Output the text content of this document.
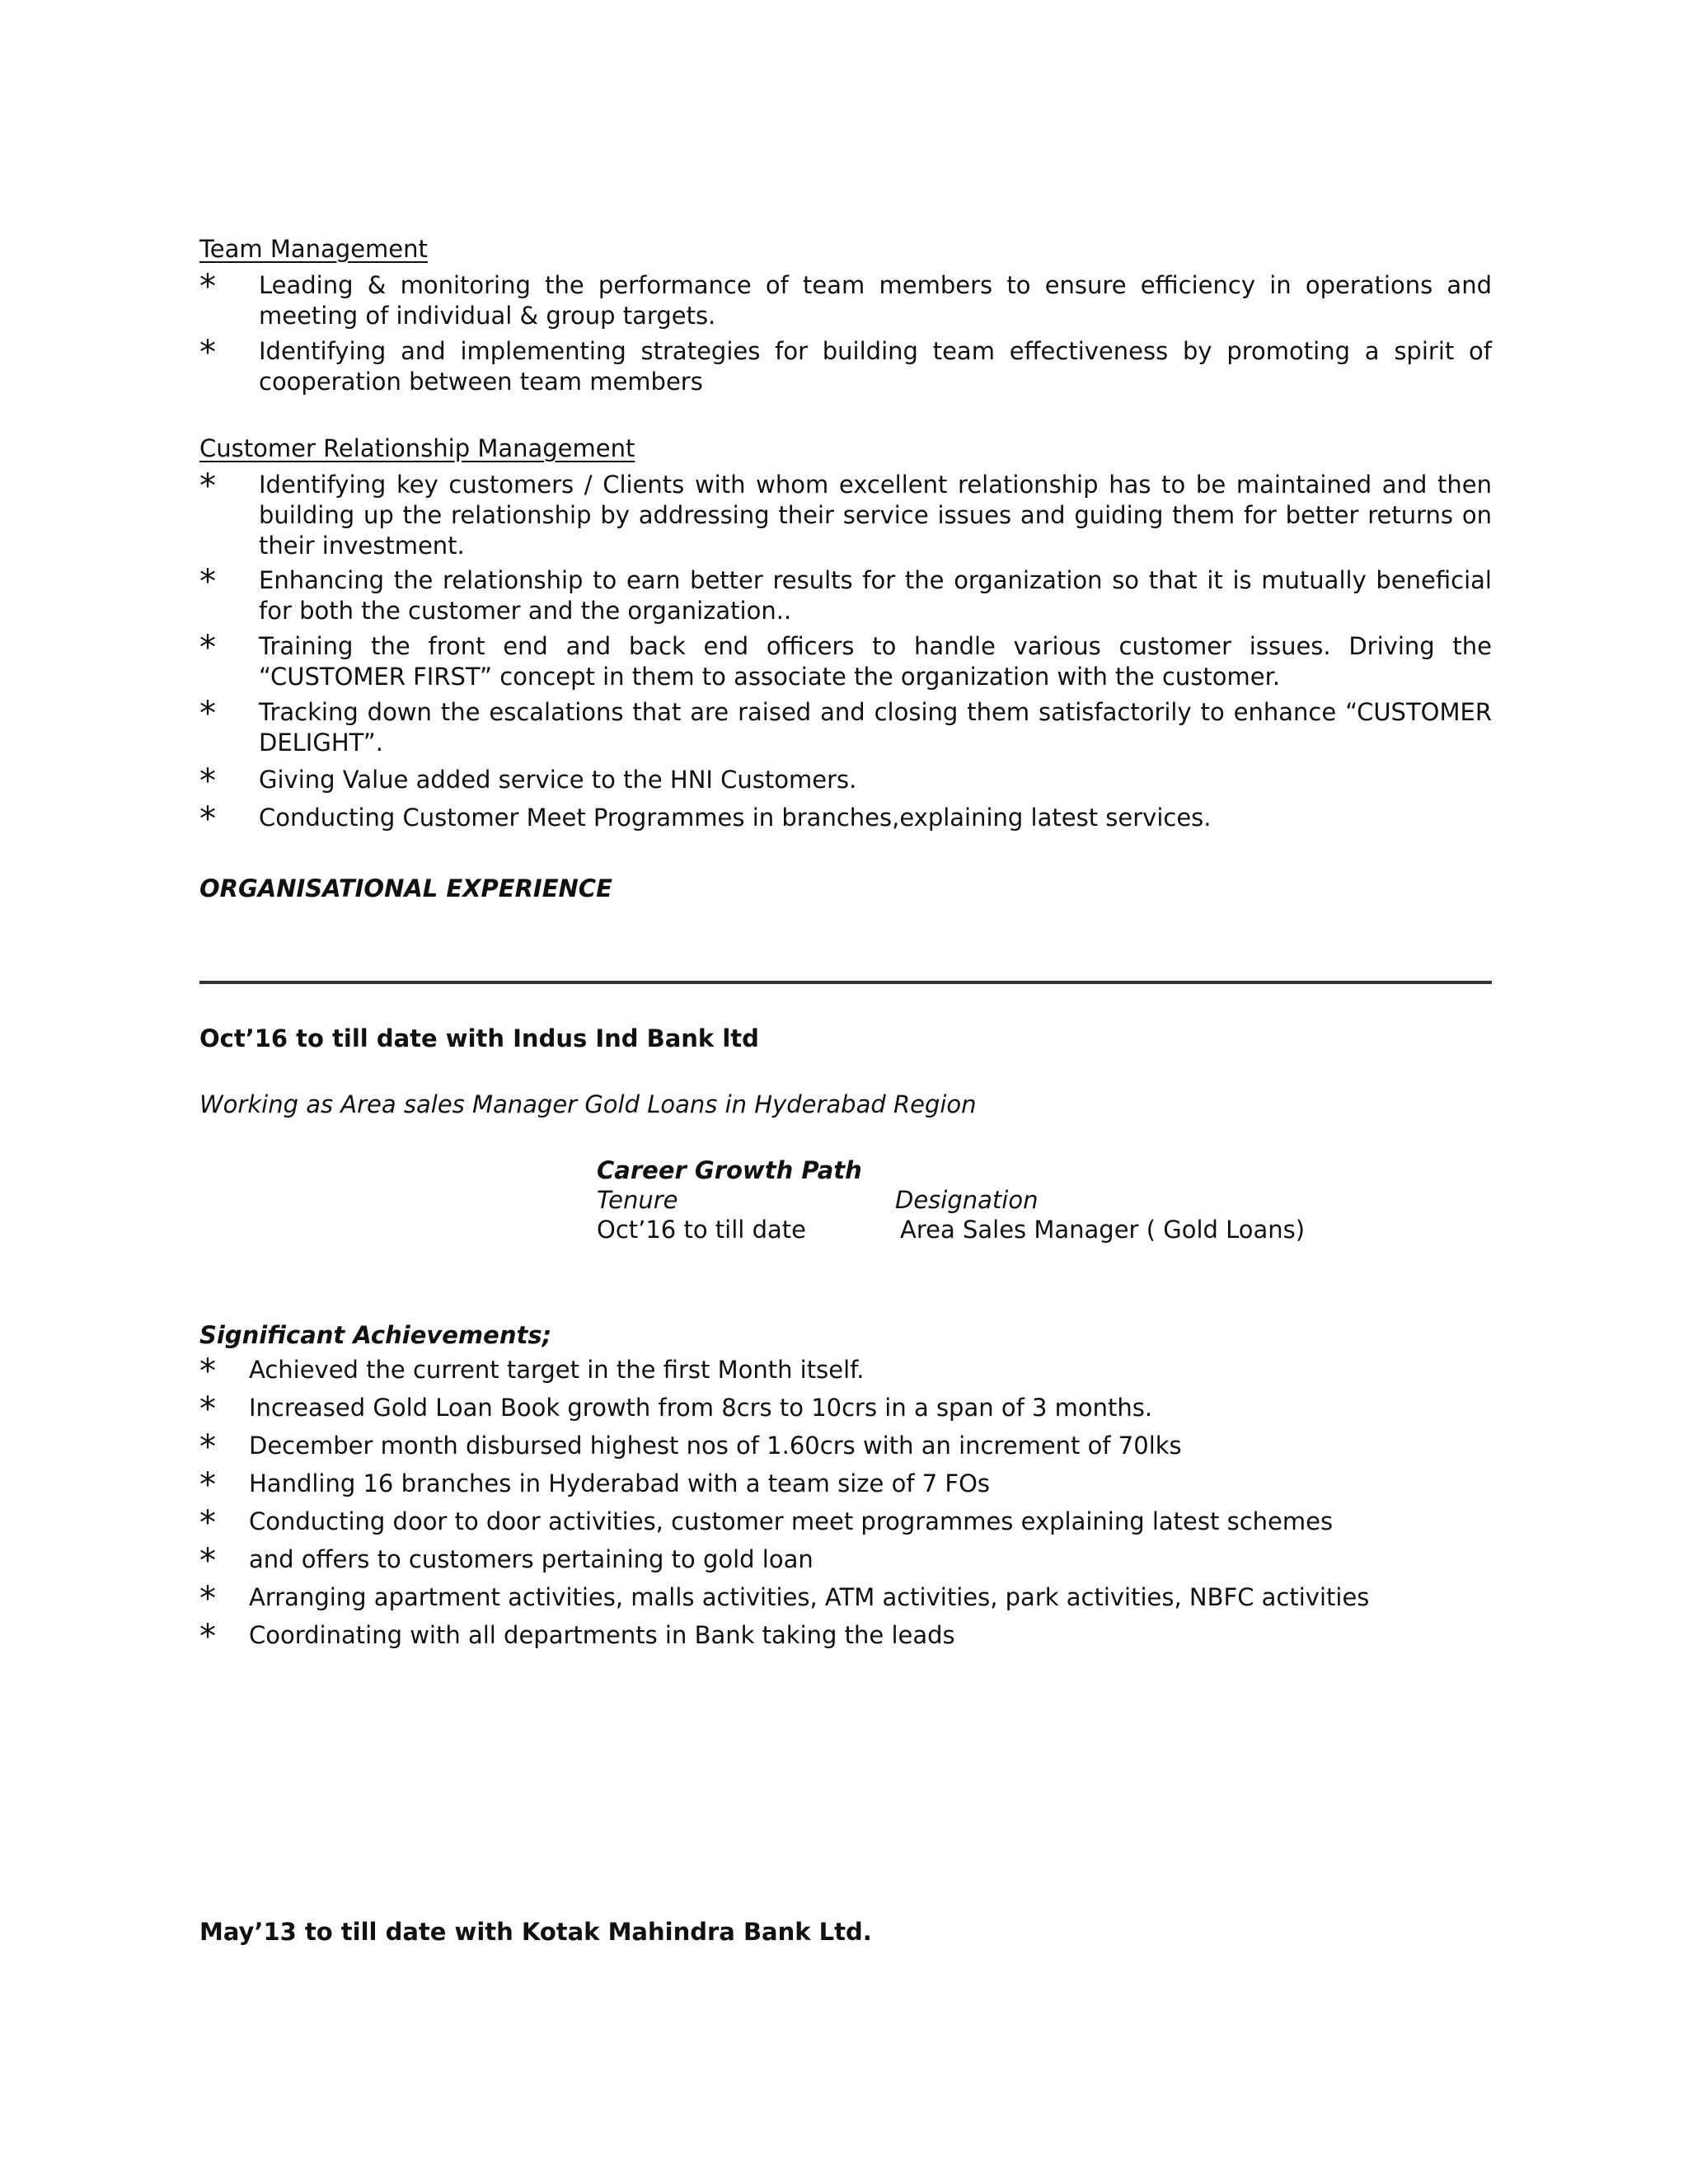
Team Management
* Leading & monitoring the performance of team members to ensure efficiency in operations and meeting of individual & group targets.
* Identifying and implementing strategies for building team effectiveness by promoting a spirit of cooperation between team members
Customer Relationship Management
* Identifying key customers / Clients with whom excellent relationship has to be maintained and then building up the relationship by addressing their service issues and guiding them for better returns on their investment.
* Enhancing the relationship to earn better results for the organization so that it is mutually beneficial for both the customer and the organization..
* Training the front end and back end officers to handle various customer issues. Driving the “CUSTOMER FIRST” concept in them to associate the organization with the customer.
* Tracking down the escalations that are raised and closing them satisfactorily to enhance “CUSTOMER DELIGHT”.
* Giving Value added service to the HNI Customers.
* Conducting Customer Meet Programmes in branches,explaining latest services.
ORGANISATIONAL EXPERIENCE
Oct’16 to till date with Indus Ind Bank ltd
Working as Area sales Manager Gold Loans in Hyderabad Region
Career Growth Path
Tenure	Designation
Oct’16 to till date	Area Sales Manager ( Gold Loans)
Significant Achievements;
* Achieved the current target in the first Month itself.
* Increased Gold Loan Book growth from 8crs to 10crs in a span of 3 months.
* December month disbursed highest nos of 1.60crs with an increment of 70lks
* Handling 16 branches in Hyderabad with a team size of 7 FOs
* Conducting door to door activities, customer meet programmes explaining latest schemes
* and offers to customers pertaining to gold loan
* Arranging apartment activities, malls activities, ATM activities, park activities, NBFC activities
* Coordinating with all departments in Bank taking the leads
May’13 to till date with Kotak Mahindra Bank Ltd.
